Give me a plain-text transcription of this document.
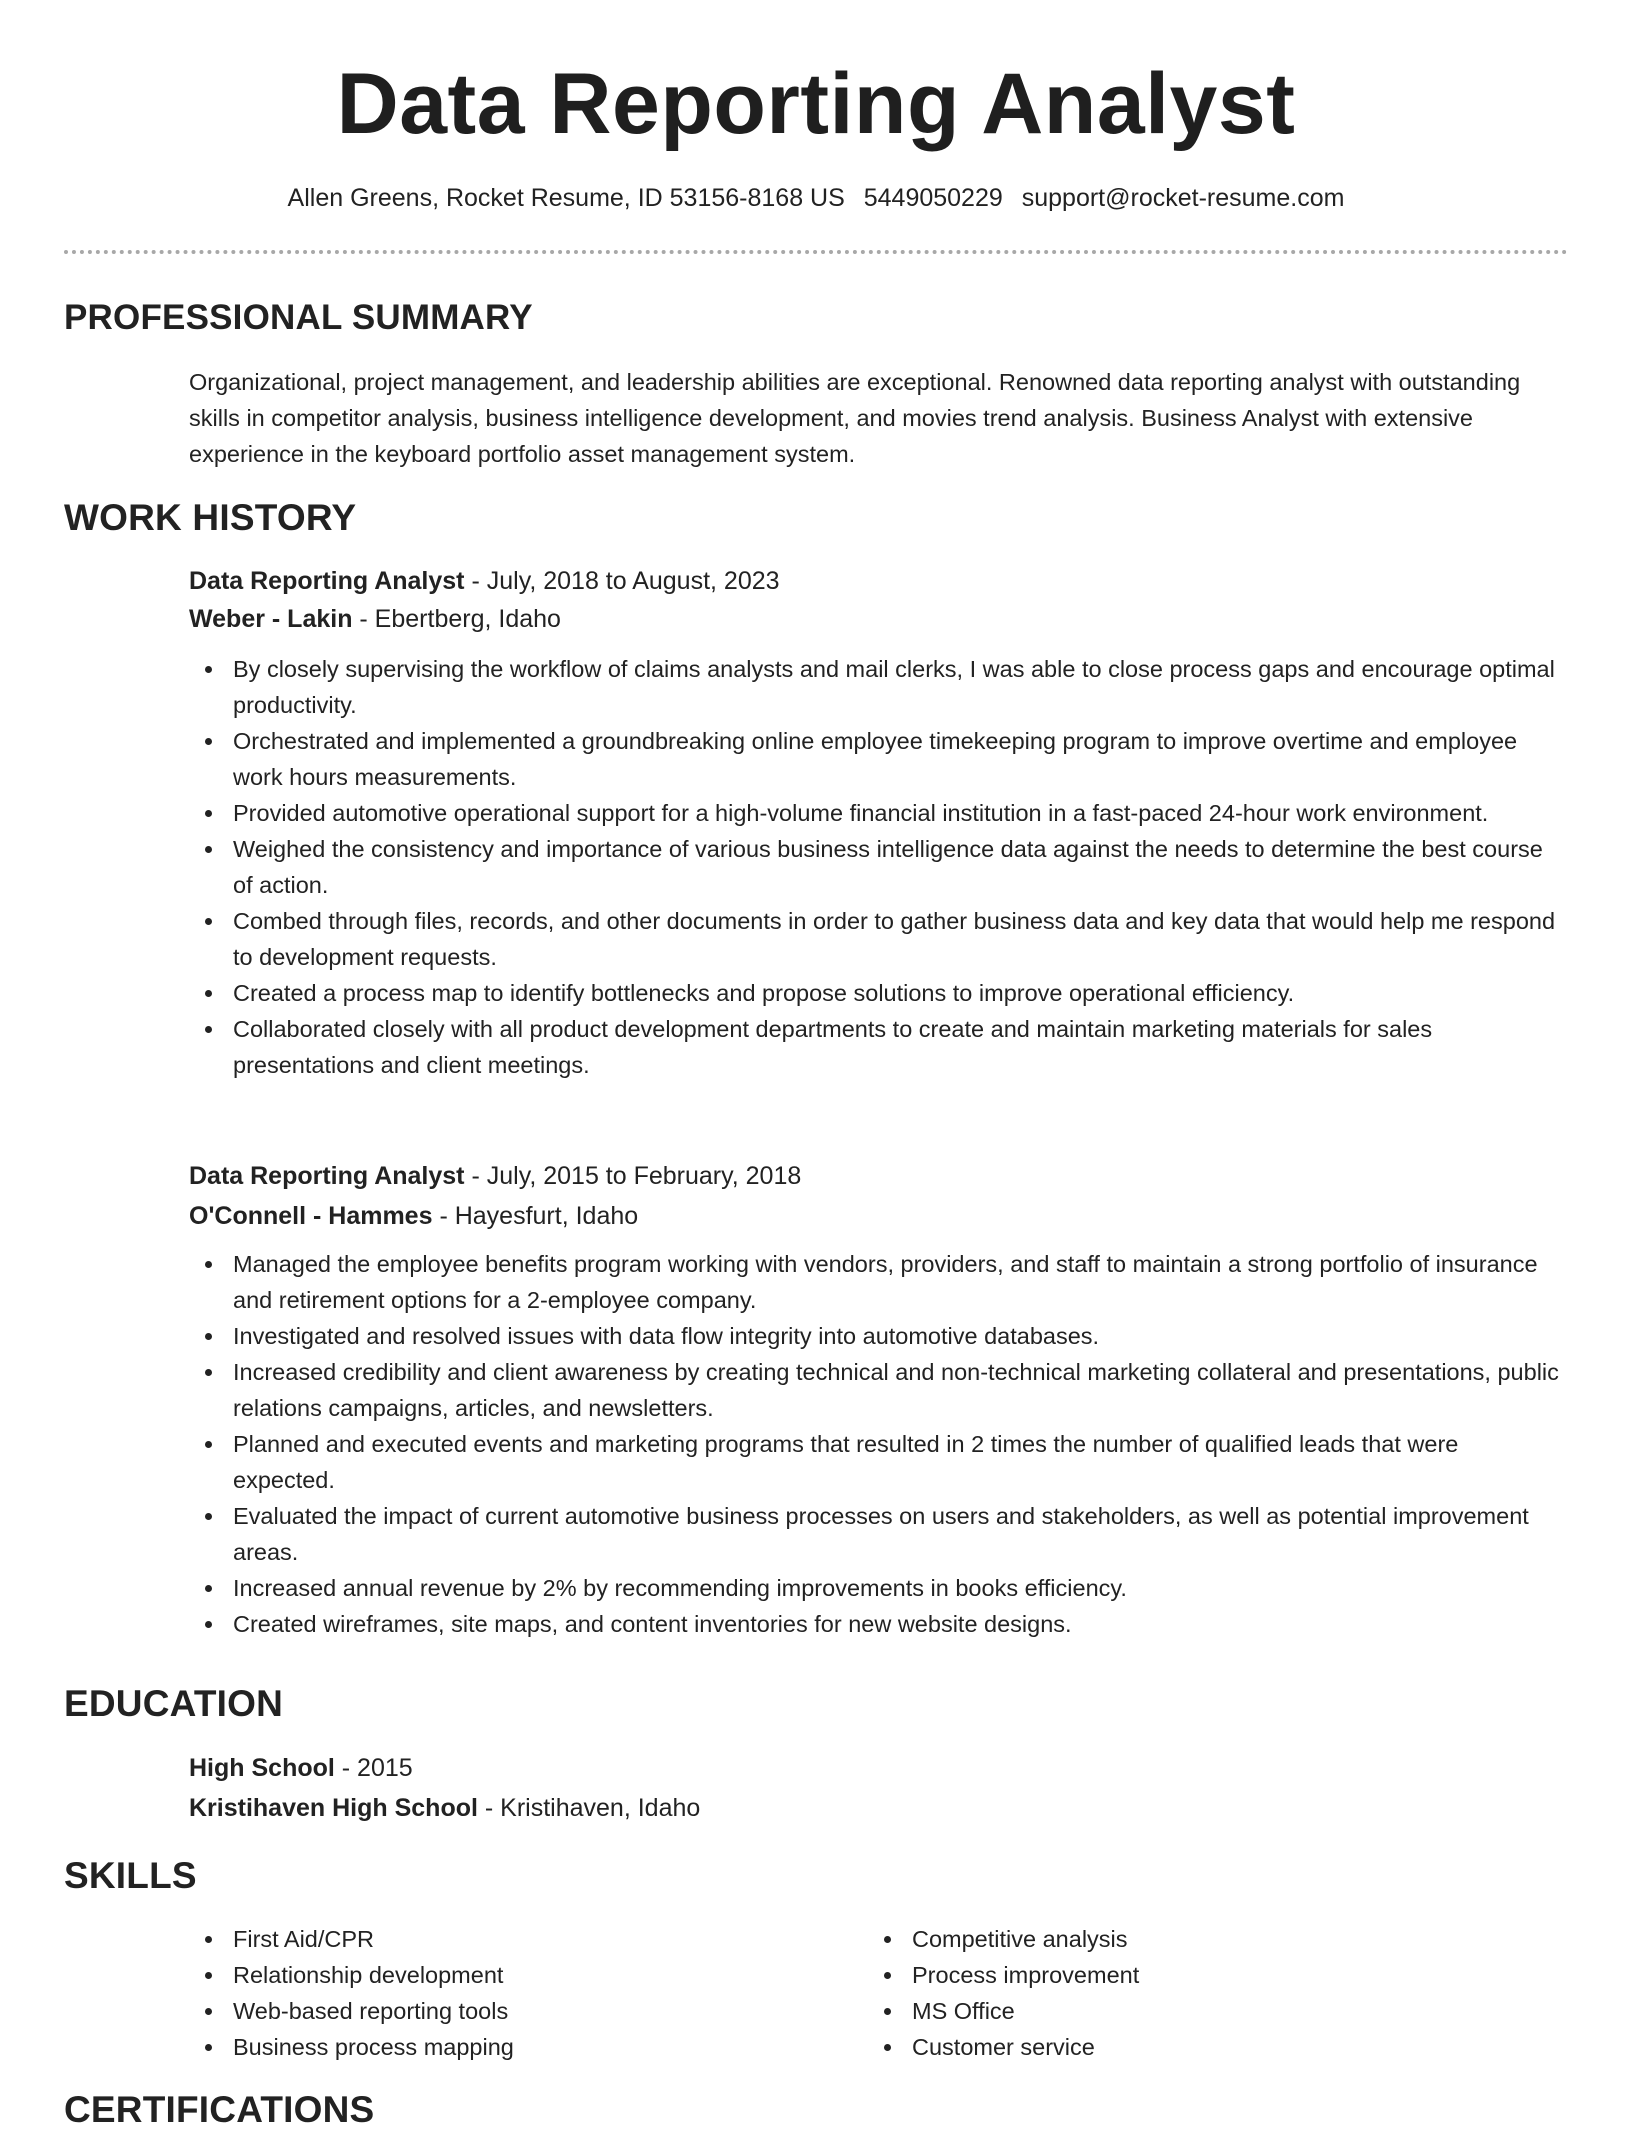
Data Reporting Analyst
Allen Greens, Rocket Resume, ID 53156-8168 US 5449050229 support@rocket-resume.com
PROFESSIONAL SUMMARY
Organizational, project management, and leadership abilities are exceptional. Renowned data reporting analyst with outstanding skills in competitor analysis, business intelligence development, and movies trend analysis. Business Analyst with extensive experience in the keyboard portfolio asset management system.
WORK HISTORY
Data Reporting Analyst - July, 2018 to August, 2023
Weber - Lakin - Ebertberg, Idaho
By closely supervising the workflow of claims analysts and mail clerks, I was able to close process gaps and encourage optimal productivity.
Orchestrated and implemented a groundbreaking online employee timekeeping program to improve overtime and employee work hours measurements.
Provided automotive operational support for a high-volume financial institution in a fast-paced 24-hour work environment.
Weighed the consistency and importance of various business intelligence data against the needs to determine the best course of action.
Combed through files, records, and other documents in order to gather business data and key data that would help me respond to development requests.
Created a process map to identify bottlenecks and propose solutions to improve operational efficiency.
Collaborated closely with all product development departments to create and maintain marketing materials for sales presentations and client meetings.
Data Reporting Analyst - July, 2015 to February, 2018
O'Connell - Hammes - Hayesfurt, Idaho
Managed the employee benefits program working with vendors, providers, and staff to maintain a strong portfolio of insurance and retirement options for a 2-employee company.
Investigated and resolved issues with data flow integrity into automotive databases.
Increased credibility and client awareness by creating technical and non-technical marketing collateral and presentations, public relations campaigns, articles, and newsletters.
Planned and executed events and marketing programs that resulted in 2 times the number of qualified leads that were expected.
Evaluated the impact of current automotive business processes on users and stakeholders, as well as potential improvement areas.
Increased annual revenue by 2% by recommending improvements in books efficiency.
Created wireframes, site maps, and content inventories for new website designs.
EDUCATION
High School - 2015
Kristihaven High School - Kristihaven, Idaho
SKILLS
First Aid/CPR
Relationship development
Web-based reporting tools
Business process mapping
Competitive analysis
Process improvement
MS Office
Customer service
CERTIFICATIONS
